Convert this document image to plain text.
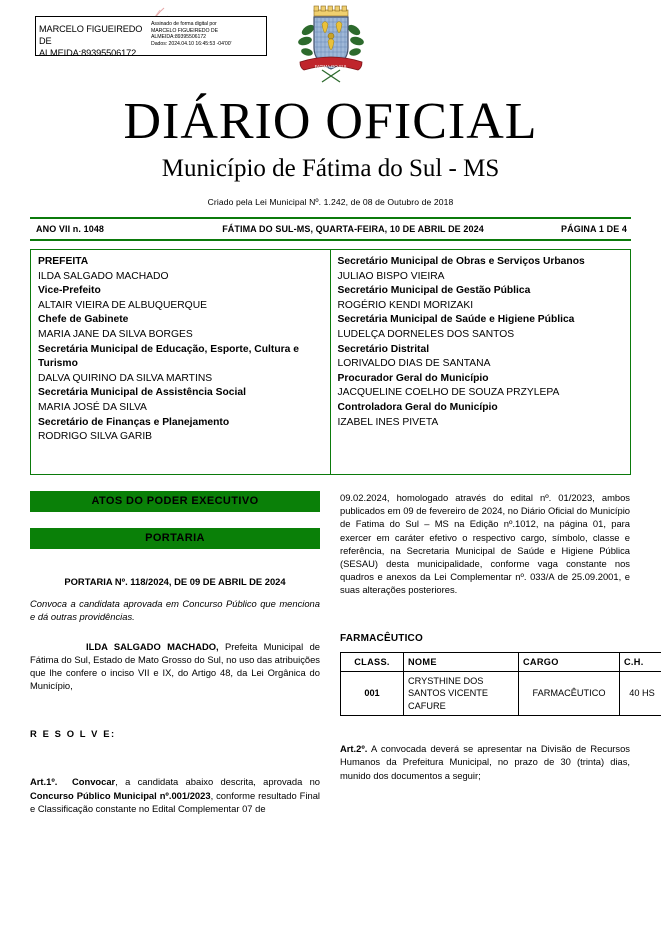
MARCELO FIGUEIREDO DE
ALMEIDA:89395506172
Assinado de forma digital por
MARCELO FIGUEIREDO DE
ALMEIDA:89395506172
Dados: 2024.04.10 16:45:53 -04'00'
FATIMA DO SUL
DIÁRIO OFICIAL
Município de Fátima do Sul - MS
Criado pela Lei Municipal Nº. 1.242, de 08 de Outubro de 2018
ANO VII n. 1048	FÁTIMA DO SUL-MS, QUARTA-FEIRA, 10 DE ABRIL DE 2024	PÁGINA 1 DE 4
PREFEITA
ILDA SALGADO MACHADO
Vice-Prefeito
ALTAIR VIEIRA DE ALBUQUERQUE
Chefe de Gabinete
MARIA JANE DA SILVA BORGES
Secretária Municipal de Educação, Esporte, Cultura e Turismo
DALVA QUIRINO DA SILVA MARTINS
Secretária Municipal de Assistência Social
MARIA JOSÉ DA SILVA
Secretário de Finanças e Planejamento
RODRIGO SILVA GARIB
Secretário Municipal de Obras e Serviços Urbanos
JULIAO BISPO VIEIRA
Secretário Municipal de Gestão Pública
ROGÉRIO KENDI MORIZAKI
Secretária Municipal de Saúde e Higiene Pública
LUDELÇA DORNELES DOS SANTOS
Secretário Distrital
LORIVALDO DIAS DE SANTANA
Procurador Geral do Município
JACQUELINE COELHO DE SOUZA PRZYLEPA
Controladora Geral do Município
IZABEL INES PIVETA
ATOS DO PODER EXECUTIVO
PORTARIA

PORTARIA Nº. 118/2024, DE 09 DE ABRIL DE 2024

Convoca a candidata aprovada em Concurso Público que menciona e dá outras providências.

ILDA SALGADO MACHADO, Prefeita Municipal de Fátima do Sul, Estado de Mato Grosso do Sul, no uso das atribuições que lhe confere o inciso VII e IX, do Artigo 48, da Lei Orgânica do Município,

R E S O L V E:

Art.1º. Convocar, a candidata abaixo descrita, aprovada no Concurso Público Municipal nº.001/2023, conforme resultado Final e Classificação constante no Edital Complementar 07 de

09.02.2024, homologado através do edital nº. 01/2023, ambos publicados em 09 de fevereiro de 2024, no Diário Oficial do Município de Fatima do Sul – MS na Edição nº.1012, na página 01, para exercer em caráter efetivo o respectivo cargo, símbolo, classe e referência, na Secretaria Municipal de Saúde e Higiene Pública (SESAU) desta municipalidade, conforme vaga constante nos quadros e anexos da Lei Complementar nº. 033/A de 25.09.2001, e suas alterações posteriores.

FARMACÊUTICO
CLASS.	NOME	CARGO	C.H.
001	CRYSTHINE DOS SANTOS VICENTE CAFURE	FARMACÊUTICO	40 HS

Art.2º. A convocada deverá se apresentar na Divisão de Recursos Humanos da Prefeitura Municipal, no prazo de 30 (trinta) dias, munido dos documentos a seguir;
